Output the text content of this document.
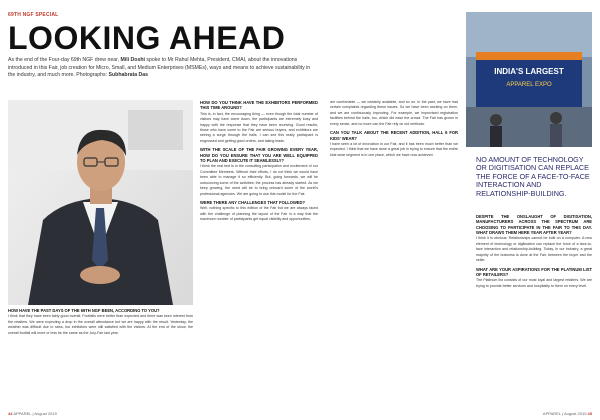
69TH NGF SPECIAL
LOOKING AHEAD
As the end of the Four-day 69th NGF drew near, Mili Doshi spoke to Mr Rahul Mehta, President, CMAI, about the innovations introduced in this Fair, job creation for Micro, Small, and Medium Enterprises (MSMEs), ways and means to achieve sustainability in the industry, and much more. Photographs: Subhabrata Das
HOW HAVE THE PAST DAYS OF THE 69TH NGF BEEN, ACCORDING TO YOU?
I think that they have been fairly good overall. Footfalls were better than expected and there was keen interest from the retailers. We were expecting a drop in the overall attendance but we are happy with the result. Yesterday, the weather was difficult due to rains, but exhibitors were still satisfied with the visitors. At the end of the show, the overall footfall will more or less be the same as the July-Fair last year.
HOW DO YOU THINK HAVE THE EXHIBITORS PERFORMED THIS TIME AROUND?
This is, in fact, the encouraging thing — even though the total number of visitors may have come down, the participants are extremely busy and happy with the response that they have been receiving. Good results, those who have come to the Fair are serious buyers, and exhibitors are seeing a surge through the halls. I can see this really participant is engrossed and getting good orders, and taking leads.
WITH THE SCALE OF THE FAIR GROWING EVERY YEAR, HOW DO YOU ENSURE THAT YOU ARE WELL EQUIPPED TO PLAN AND EXECUTE IT SEAMLESSLY?
I think the real test is in the consulting participation and excitement of our Committee Members. Without their efforts, I do not think we would have been able to manage it so efficiently. But, going forwards, we will be outsourcing some of the activities; the process has already started. As we keep growing, the need will be to bring onboard some of the world's professional agencies. We are going to use this model for the Fair.
WERE THERE ANY CHALLENGES THAT FOLLOWED?
Well, nothing specific to this edition of the Fair but we are always faced with the challenge of planning the layout of the Fair in a way that the maximum number of participants get equal visibility and opportunities.
are comfortable — we certainly available, and so on. In the past, we have had certain complaints regarding these issues. So we have been working on them, and we are continuously improving. For example, we improvised registration facilities behind the halls, too, which did ease the crowd. The Fair has grown in every sense, and no more can the Fair rely on old methods.
CAN YOU TALK ABOUT THE RECENT ADDITION, HALL 6 FOR KIDS' WEAR?
I have seen a lot of innovation in our Fair, and it has been much better than we expected. I think that we have done a great job in trying to ensure that the entire kids wear segment is in one place, which we have now achieved.
INDIA'S LARGEST
APPAREL EXPO
NO AMOUNT OF TECHNOLOGY OR DIGITISATION CAN REPLACE THE FORCE OF A FACE-TO-FACE INTERACTION AND RELATIONSHIP-BUILDING.
DESPITE THE ONSLAUGHT OF DIGITISATION, MANUFACTURERS ACROSS THE SPECTRUM ARE CHOOSING TO PARTICIPATE IN THE FAIR TO THIS DAY. WHAT DRAWS THEM HERE YEAR AFTER YEAR?
I think it is obvious: Relationships cannot be built on a computer. A new element of technology or digitisation can replace the force of a face-to-face interaction and relationship-building. Today, in our industry, a great majority of the business is done at the Fair, between the buyer and the seller.
WHAT ARE YOUR ASPIRATIONS FOR THE PLATINUM LIST OF RETAILERS?
The Platinum list consists of our most loyal and largest retailers. We are trying to provide better services and hospitality to them on every level.
44 APPAREL | August 2019	APPAREL | August 2019 45
